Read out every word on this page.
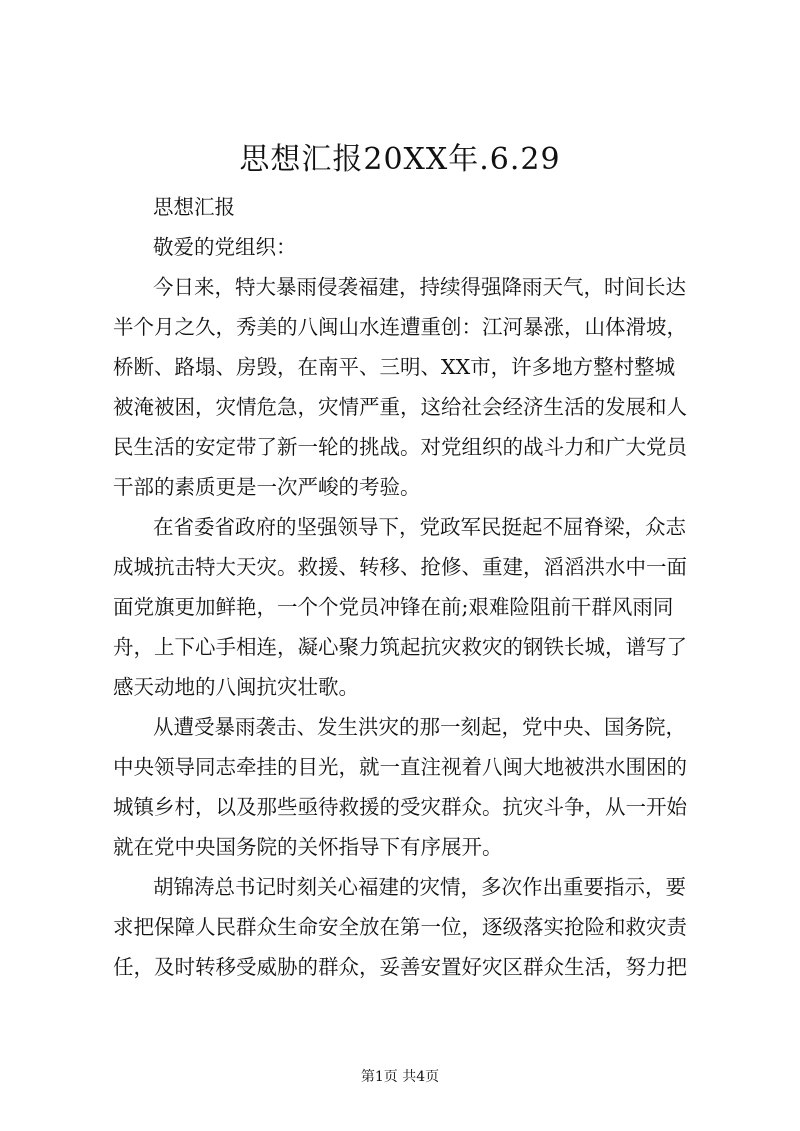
思想汇报20XX年.6.29
思想汇报
敬爱的党组织：
今日来，特大暴雨侵袭福建，持续得强降雨天气，时间长达
半个月之久，秀美的八闽山水连遭重创：江河暴涨，山体滑坡，
桥断、路塌、房毁，在南平、三明、XX市，许多地方整村整城
被淹被困，灾情危急，灾情严重，这给社会经济生活的发展和人
民生活的安定带了新一轮的挑战。对党组织的战斗力和广大党员
干部的素质更是一次严峻的考验。
在省委省政府的坚强领导下，党政军民挺起不屈脊梁，众志
成城抗击特大天灾。救援、转移、抢修、重建，滔滔洪水中一面
面党旗更加鲜艳，一个个党员冲锋在前;艰难险阻前干群风雨同
舟，上下心手相连，凝心聚力筑起抗灾救灾的钢铁长城，谱写了
感天动地的八闽抗灾壮歌。
从遭受暴雨袭击、发生洪灾的那一刻起，党中央、国务院，
中央领导同志牵挂的目光，就一直注视着八闽大地被洪水围困的
城镇乡村，以及那些亟待救援的受灾群众。抗灾斗争，从一开始
就在党中央国务院的关怀指导下有序展开。
胡锦涛总书记时刻关心福建的灾情，多次作出重要指示，要
求把保障人民群众生命安全放在第一位，逐级落实抢险和救灾责
任，及时转移受威胁的群众，妥善安置好灾区群众生活，努力把
第1页 共4页
